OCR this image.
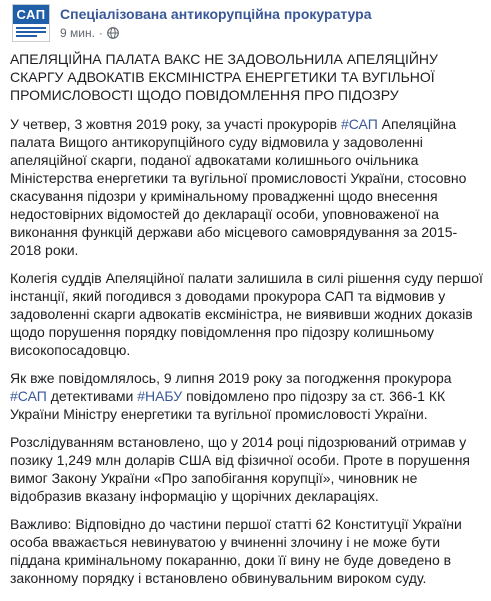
САП Спеціалізована антикорупційна прокуратура
9 мин. ·

АПЕЛЯЦІЙНА ПАЛАТА ВАКС НЕ ЗАДОВОЛЬНИЛА АПЕЛЯЦІЙНУ СКАРГУ АДВОКАТІВ ЕКСМІНІСТРА ЕНЕРГЕТИКИ ТА ВУГІЛЬНОЇ ПРОМИСЛОВОСТІ ЩОДО ПОВІДОМЛЕННЯ ПРО ПІДОЗРУ

У четвер, 3 жовтня 2019 року, за участі прокурорів #САП Апеляційна палата Вищого антикорупційного суду відмовила у задоволенні апеляційної скарги, поданої адвокатами колишнього очільника Міністерства енергетики та вугільної промисловості України, стосовно скасування підозри у кримінальному провадженні щодо внесення недостовірних відомостей до декларації особи, уповноваженої на виконання функцій держави або місцевого самоврядування за 2015-2018 роки.

Колегія суддів Апеляційної палати залишила в силі рішення суду першої інстанції, який погодився з доводами прокурора САП та відмовив у задоволенні скарги адвокатів ексміністра, не виявивши жодних доказів щодо порушення порядку повідомлення про підозру колишньому високопосадовцю.

Як вже повідомлялось, 9 липня 2019 року за погодження прокурора #САП детективами #НАБУ повідомлено про підозру за ст. 366-1 КК України Міністру енергетики та вугільної промисловості України.

Розслідуванням встановлено, що у 2014 році підозрюваний отримав у позику 1,249 млн доларів США від фізичної особи. Проте в порушення вимог Закону України «Про запобігання корупції», чиновник не відобразив вказану інформацію у щорічних деклараціях.

Важливо: Відповідно до частини першої статті 62 Конституції України особа вважається невинуватою у вчиненні злочину і не може бути піддана кримінальному покаранню, доки її вину не буде доведено в законному порядку і встановлено обвинувальним вироком суду.
